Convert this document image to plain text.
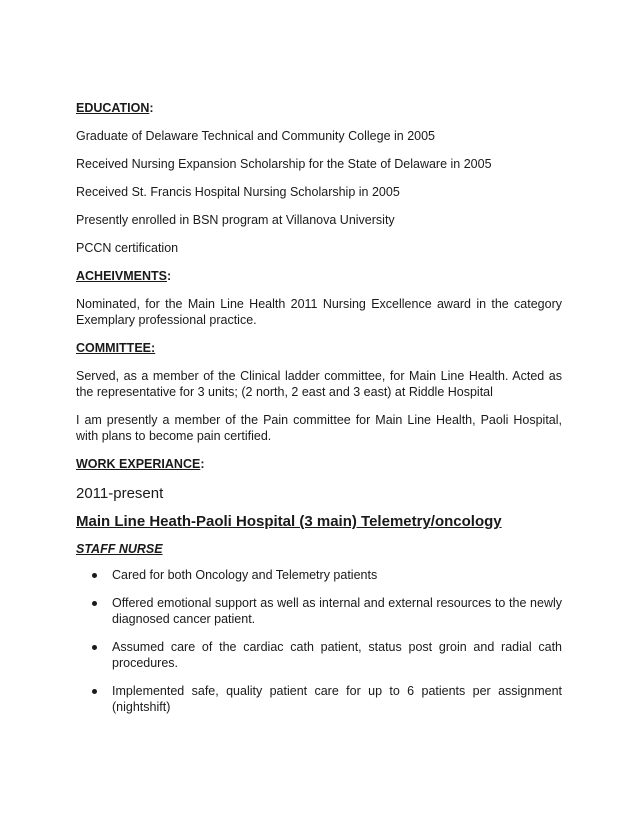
EDUCATION:
Graduate of Delaware Technical and Community College in 2005
Received Nursing Expansion Scholarship for the State of Delaware in 2005
Received St. Francis Hospital Nursing Scholarship in 2005
Presently enrolled in BSN program at Villanova University
PCCN certification
ACHEIVMENTS:
Nominated, for the Main Line Health 2011 Nursing Excellence award in the category Exemplary professional practice.
COMMITTEE:
Served, as a member of the Clinical ladder committee, for Main Line Health. Acted as the representative for 3 units; (2 north, 2 east and 3 east) at Riddle Hospital
I am presently a member of the Pain committee for Main Line Health, Paoli Hospital, with plans to become pain certified.
WORK EXPERIANCE:
2011-present
Main Line Heath-Paoli Hospital (3 main) Telemetry/oncology
STAFF NURSE
Cared for both Oncology and Telemetry patients
Offered emotional support as well as internal and external resources to the newly diagnosed cancer patient.
Assumed care of the cardiac cath patient, status post groin and radial cath procedures.
Implemented safe, quality patient care for up to 6 patients per assignment (nightshift)
